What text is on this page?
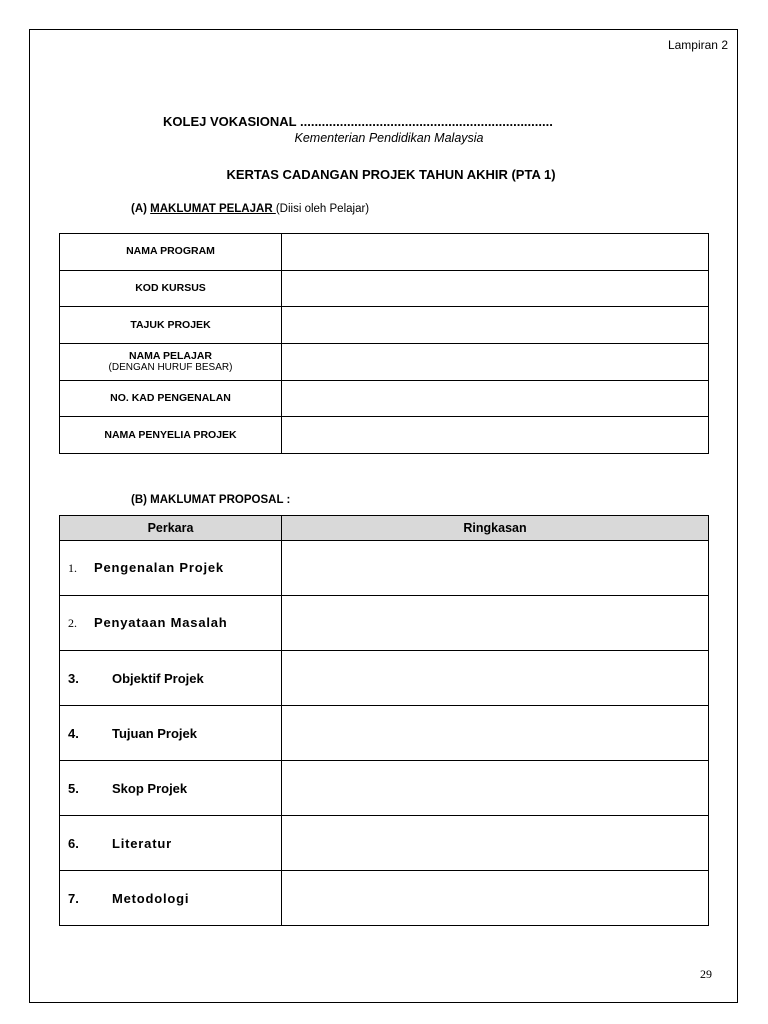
Lampiran 2
KOLEJ VOKASIONAL ......................................................................
Kementerian Pendidikan Malaysia
KERTAS CADANGAN PROJEK TAHUN AKHIR (PTA 1)
(A) MAKLUMAT PELAJAR (Diisi oleh Pelajar)
NAMA PROGRAM	
KOD KURSUS	
TAJUK PROJEK	
NAMA PELAJAR
(DENGAN HURUF BESAR)	

NO. KAD PENGENALAN	
NAMA PENYELIA PROJEK	
(B) MAKLUMAT PROPOSAL :
Perkara	Ringkasan
1. Pengenalan Projek	
2. Penyataan Masalah	
3. Objektif Projek	
4. Tujuan Projek	
5. Skop Projek	
6. Literatur	
7. Metodologi	
29
